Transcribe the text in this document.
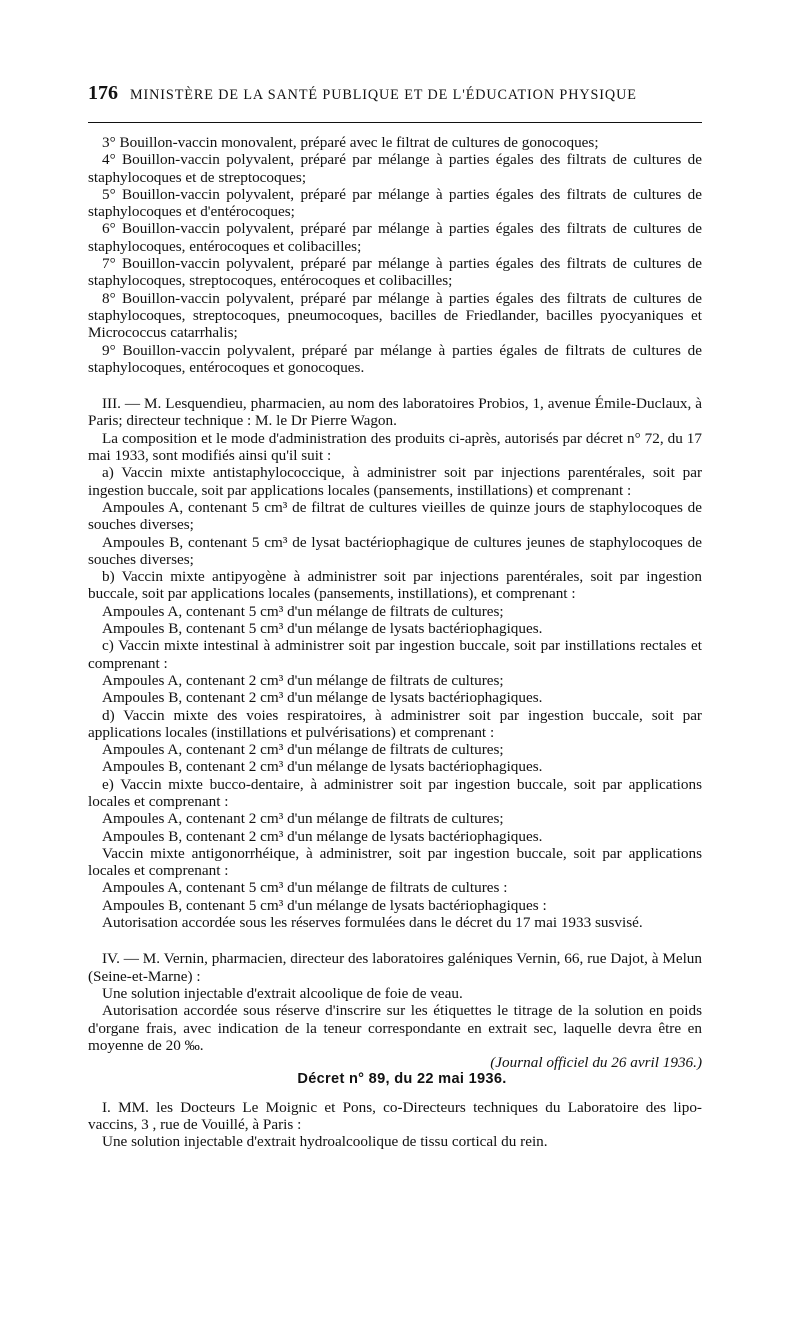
176 MINISTÈRE DE LA SANTÉ PUBLIQUE ET DE L'ÉDUCATION PHYSIQUE

3° Bouillon-vaccin monovalent, préparé avec le filtrat de cultures de gonocoques;

4° Bouillon-vaccin polyvalent, préparé par mélange à parties égales des filtrats de cultures de staphylocoques et de streptocoques;

5° Bouillon-vaccin polyvalent, préparé par mélange à parties égales des filtrats de cultures de staphylocoques et d'entérocoques;

6° Bouillon-vaccin polyvalent, préparé par mélange à parties égales des filtrats de cultures de staphylocoques, entérocoques et colibacilles;

7° Bouillon-vaccin polyvalent, préparé par mélange à parties égales des filtrats de cultures de staphylocoques, streptocoques, entérocoques et colibacilles;

8° Bouillon-vaccin polyvalent, préparé par mélange à parties égales des filtrats de cultures de staphylocoques, streptocoques, pneumocoques, bacilles de Friedlander, bacilles pyocyaniques et Micrococcus catarrhalis;

9° Bouillon-vaccin polyvalent, préparé par mélange à parties égales de filtrats de cultures de staphylocoques, entérocoques et gonocoques.

III. — M. Lesquendieu, pharmacien, au nom des laboratoires Probios, 1, avenue Émile-Duclaux, à Paris; directeur technique : M. le Dr Pierre Wagon.

La composition et le mode d'administration des produits ci-après, autorisés par décret n° 72, du 17 mai 1933, sont modifiés ainsi qu'il suit :

a) Vaccin mixte antistaphylococcique, à administrer soit par injections parentérales, soit par ingestion buccale, soit par applications locales (pansements, instillations) et comprenant :

Ampoules A, contenant 5 cm³ de filtrat de cultures vieilles de quinze jours de staphylocoques de souches diverses;

Ampoules B, contenant 5 cm³ de lysat bactériophagique de cultures jeunes de staphylocoques de souches diverses;

b) Vaccin mixte antipyogène à administrer soit par injections parentérales, soit par ingestion buccale, soit par applications locales (pansements, instillations), et comprenant :

Ampoules A, contenant 5 cm³ d'un mélange de filtrats de cultures;

Ampoules B, contenant 5 cm³ d'un mélange de lysats bactériophagiques.

c) Vaccin mixte intestinal à administrer soit par ingestion buccale, soit par instillations rectales et comprenant :

Ampoules A, contenant 2 cm³ d'un mélange de filtrats de cultures;

Ampoules B, contenant 2 cm³ d'un mélange de lysats bactériophagiques.

d) Vaccin mixte des voies respiratoires, à administrer soit par ingestion buccale, soit par applications locales (instillations et pulvérisations) et comprenant :

Ampoules A, contenant 2 cm³ d'un mélange de filtrats de cultures;

Ampoules B, contenant 2 cm³ d'un mélange de lysats bactériophagiques.

e) Vaccin mixte bucco-dentaire, à administrer soit par ingestion buccale, soit par applications locales et comprenant :

Ampoules A, contenant 2 cm³ d'un mélange de filtrats de cultures;

Ampoules B, contenant 2 cm³ d'un mélange de lysats bactériophagiques.

Vaccin mixte antigonorrhéique, à administrer, soit par ingestion buccale, soit par applications locales et comprenant :

Ampoules A, contenant 5 cm³ d'un mélange de filtrats de cultures :

Ampoules B, contenant 5 cm³ d'un mélange de lysats bactériophagiques :

Autorisation accordée sous les réserves formulées dans le décret du 17 mai 1933 susvisé.

IV. — M. Vernin, pharmacien, directeur des laboratoires galéniques Vernin, 66, rue Dajot, à Melun (Seine-et-Marne) :

Une solution injectable d'extrait alcoolique de foie de veau.

Autorisation accordée sous réserve d'inscrire sur les étiquettes le titrage de la solution en poids d'organe frais, avec indication de la teneur correspondante en extrait sec, laquelle devra être en moyenne de 20 ‰.

(Journal officiel du 26 avril 1936.)

Décret n° 89, du 22 mai 1936.

I. MM. les Docteurs Le Moignic et Pons, co-Directeurs techniques du Laboratoire des lipo-vaccins, 3 , rue de Vouillé, à Paris :

Une solution injectable d'extrait hydroalcoolique de tissu cortical du rein.
